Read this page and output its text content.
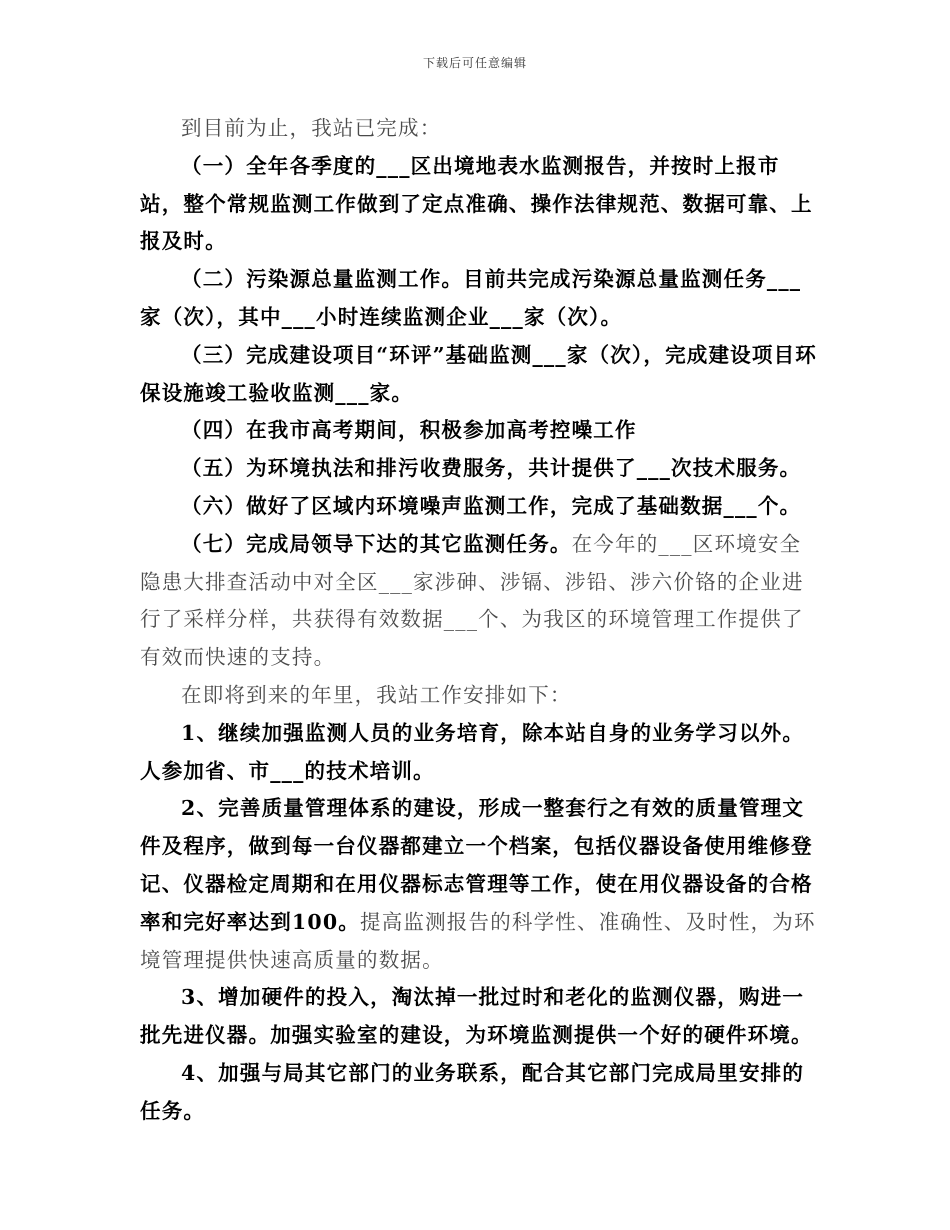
下载后可任意编辑

到目前为止，我站已完成：

（一）全年各季度的___区出境地表水监测报告，并按时上报市站，整个常规监测工作做到了定点准确、操作法律规范、数据可靠、上报及时。

（二）污染源总量监测工作。目前共完成污染源总量监测任务___家（次），其中___小时连续监测企业___家（次）。

（三）完成建设项目“环评”基础监测___家（次），完成建设项目环保设施竣工验收监测___家。

（四）在我市高考期间，积极参加高考控噪工作

（五）为环境执法和排污收费服务，共计提供了___次技术服务。

（六）做好了区域内环境噪声监测工作，完成了基础数据___个。

（七）完成局领导下达的其它监测任务。在今年的___区环境安全隐患大排查活动中对全区___家涉砷、涉镉、涉铅、涉六价铬的企业进行了采样分样，共获得有效数据___个、为我区的环境管理工作提供了有效而快速的支持。

在即将到来的年里，我站工作安排如下：

1、继续加强监测人员的业务培育，除本站自身的业务学习以外。人参加省、市___的技术培训。

2、完善质量管理体系的建设，形成一整套行之有效的质量管理文件及程序，做到每一台仪器都建立一个档案，包括仪器设备使用维修登记、仪器检定周期和在用仪器标志管理等工作，使在用仪器设备的合格率和完好率达到100。提高监测报告的科学性、准确性、及时性，为环境管理提供快速高质量的数据。

3、增加硬件的投入，淘汰掉一批过时和老化的监测仪器，购进一批先进仪器。加强实验室的建设，为环境监测提供一个好的硬件环境。

4、加强与局其它部门的业务联系，配合其它部门完成局里安排的任务。
